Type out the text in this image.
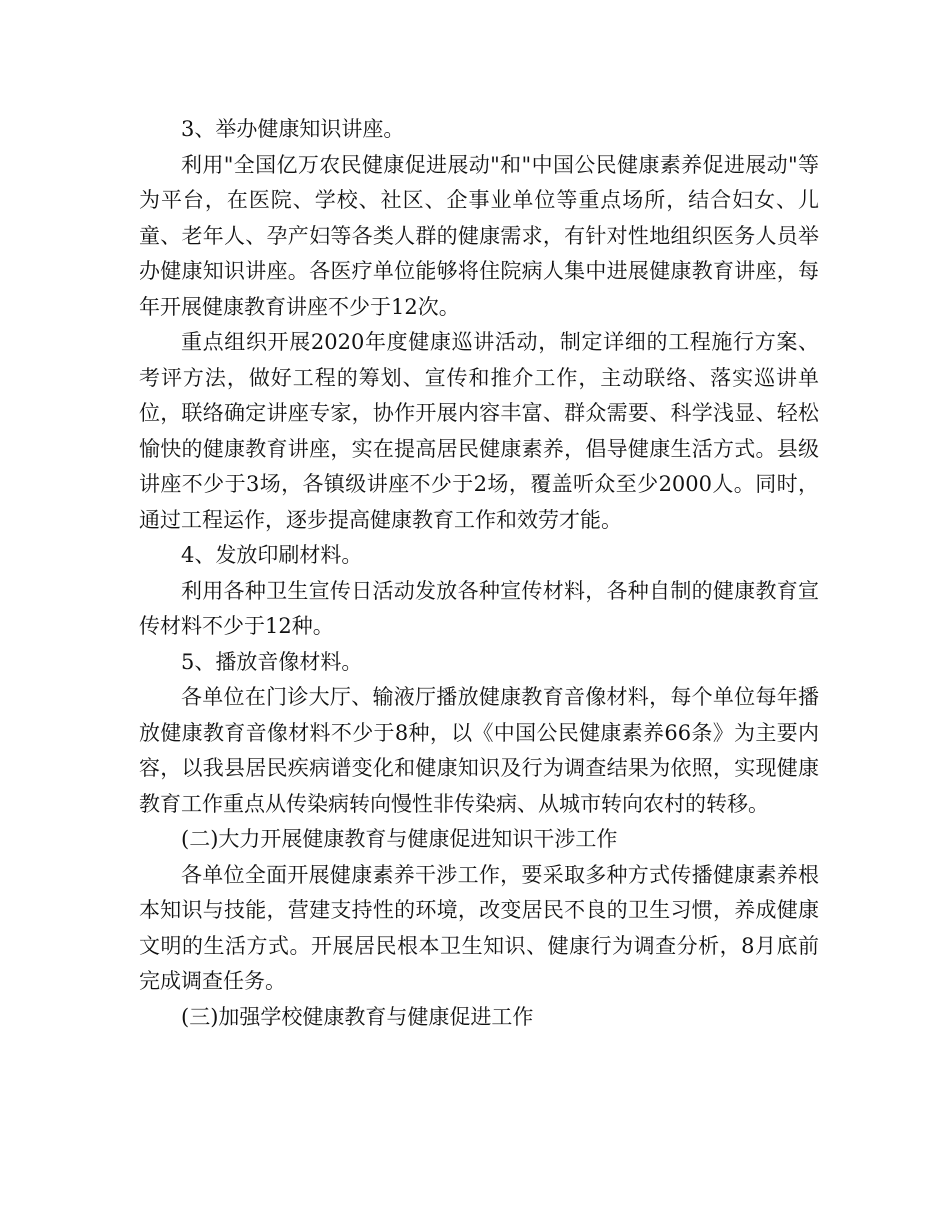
3、举办健康知识讲座。

利用"全国亿万农民健康促进展动"和"中国公民健康素养促进展动"等为平台，在医院、学校、社区、企事业单位等重点场所，结合妇女、儿童、老年人、孕产妇等各类人群的健康需求，有针对性地组织医务人员举办健康知识讲座。各医疗单位能够将住院病人集中进展健康教育讲座，每年开展健康教育讲座不少于12次。

重点组织开展2020年度健康巡讲活动，制定详细的工程施行方案、考评方法，做好工程的筹划、宣传和推介工作，主动联络、落实巡讲单位，联络确定讲座专家，协作开展内容丰富、群众需要、科学浅显、轻松愉快的健康教育讲座，实在提高居民健康素养，倡导健康生活方式。县级讲座不少于3场，各镇级讲座不少于2场，覆盖听众至少2000人。同时，通过工程运作，逐步提高健康教育工作和效劳才能。

4、发放印刷材料。

利用各种卫生宣传日活动发放各种宣传材料，各种自制的健康教育宣传材料不少于12种。

5、播放音像材料。

各单位在门诊大厅、输液厅播放健康教育音像材料，每个单位每年播放健康教育音像材料不少于8种，以《中国公民健康素养66条》为主要内容，以我县居民疾病谱变化和健康知识及行为调查结果为依照，实现健康教育工作重点从传染病转向慢性非传染病、从城市转向农村的转移。

(二)大力开展健康教育与健康促进知识干涉工作

各单位全面开展健康素养干涉工作，要采取多种方式传播健康素养根本知识与技能，营建支持性的环境，改变居民不良的卫生习惯，养成健康文明的生活方式。开展居民根本卫生知识、健康行为调查分析，8月底前完成调查任务。

(三)加强学校健康教育与健康促进工作
